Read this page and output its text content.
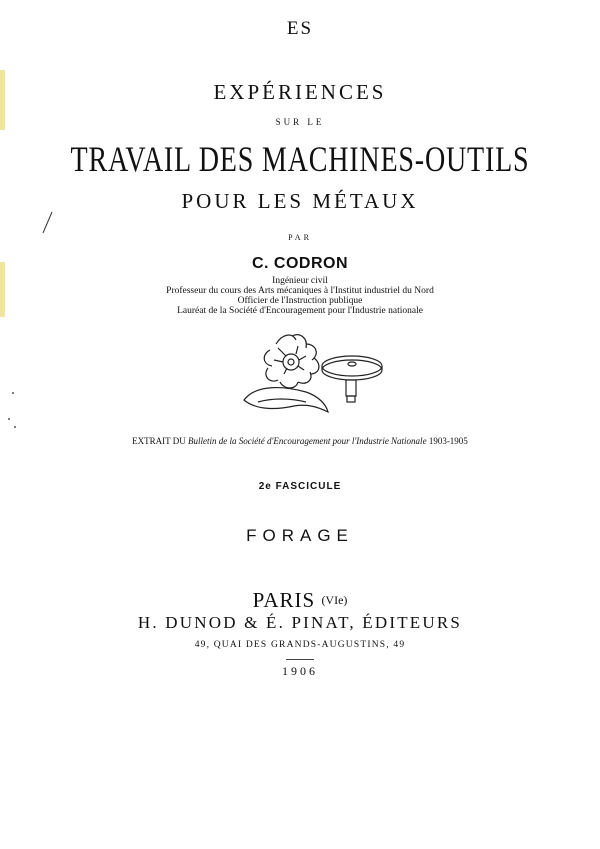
ES
EXPÉRIENCES
SUR LE
TRAVAIL DES MACHINES-OUTILS
POUR LES MÉTAUX
PAR
C. CODRON
Ingénieur civil
Professeur du cours des Arts mécaniques à l'Institut industriel du Nord
Officier de l'Instruction publique
Lauréat de la Société d'Encouragement pour l'Industrie nationale
EXTRAIT DU Bulletin de la Société d'Encouragement pour l'Industrie Nationale 1903-1905
2e FASCICULE
FORAGE
PARIS $^{(VIe)}$
H. DUNOD & É. PINAT, ÉDITEURS
49, QUAI DES GRANDS-AUGUSTINS, 49
1906
